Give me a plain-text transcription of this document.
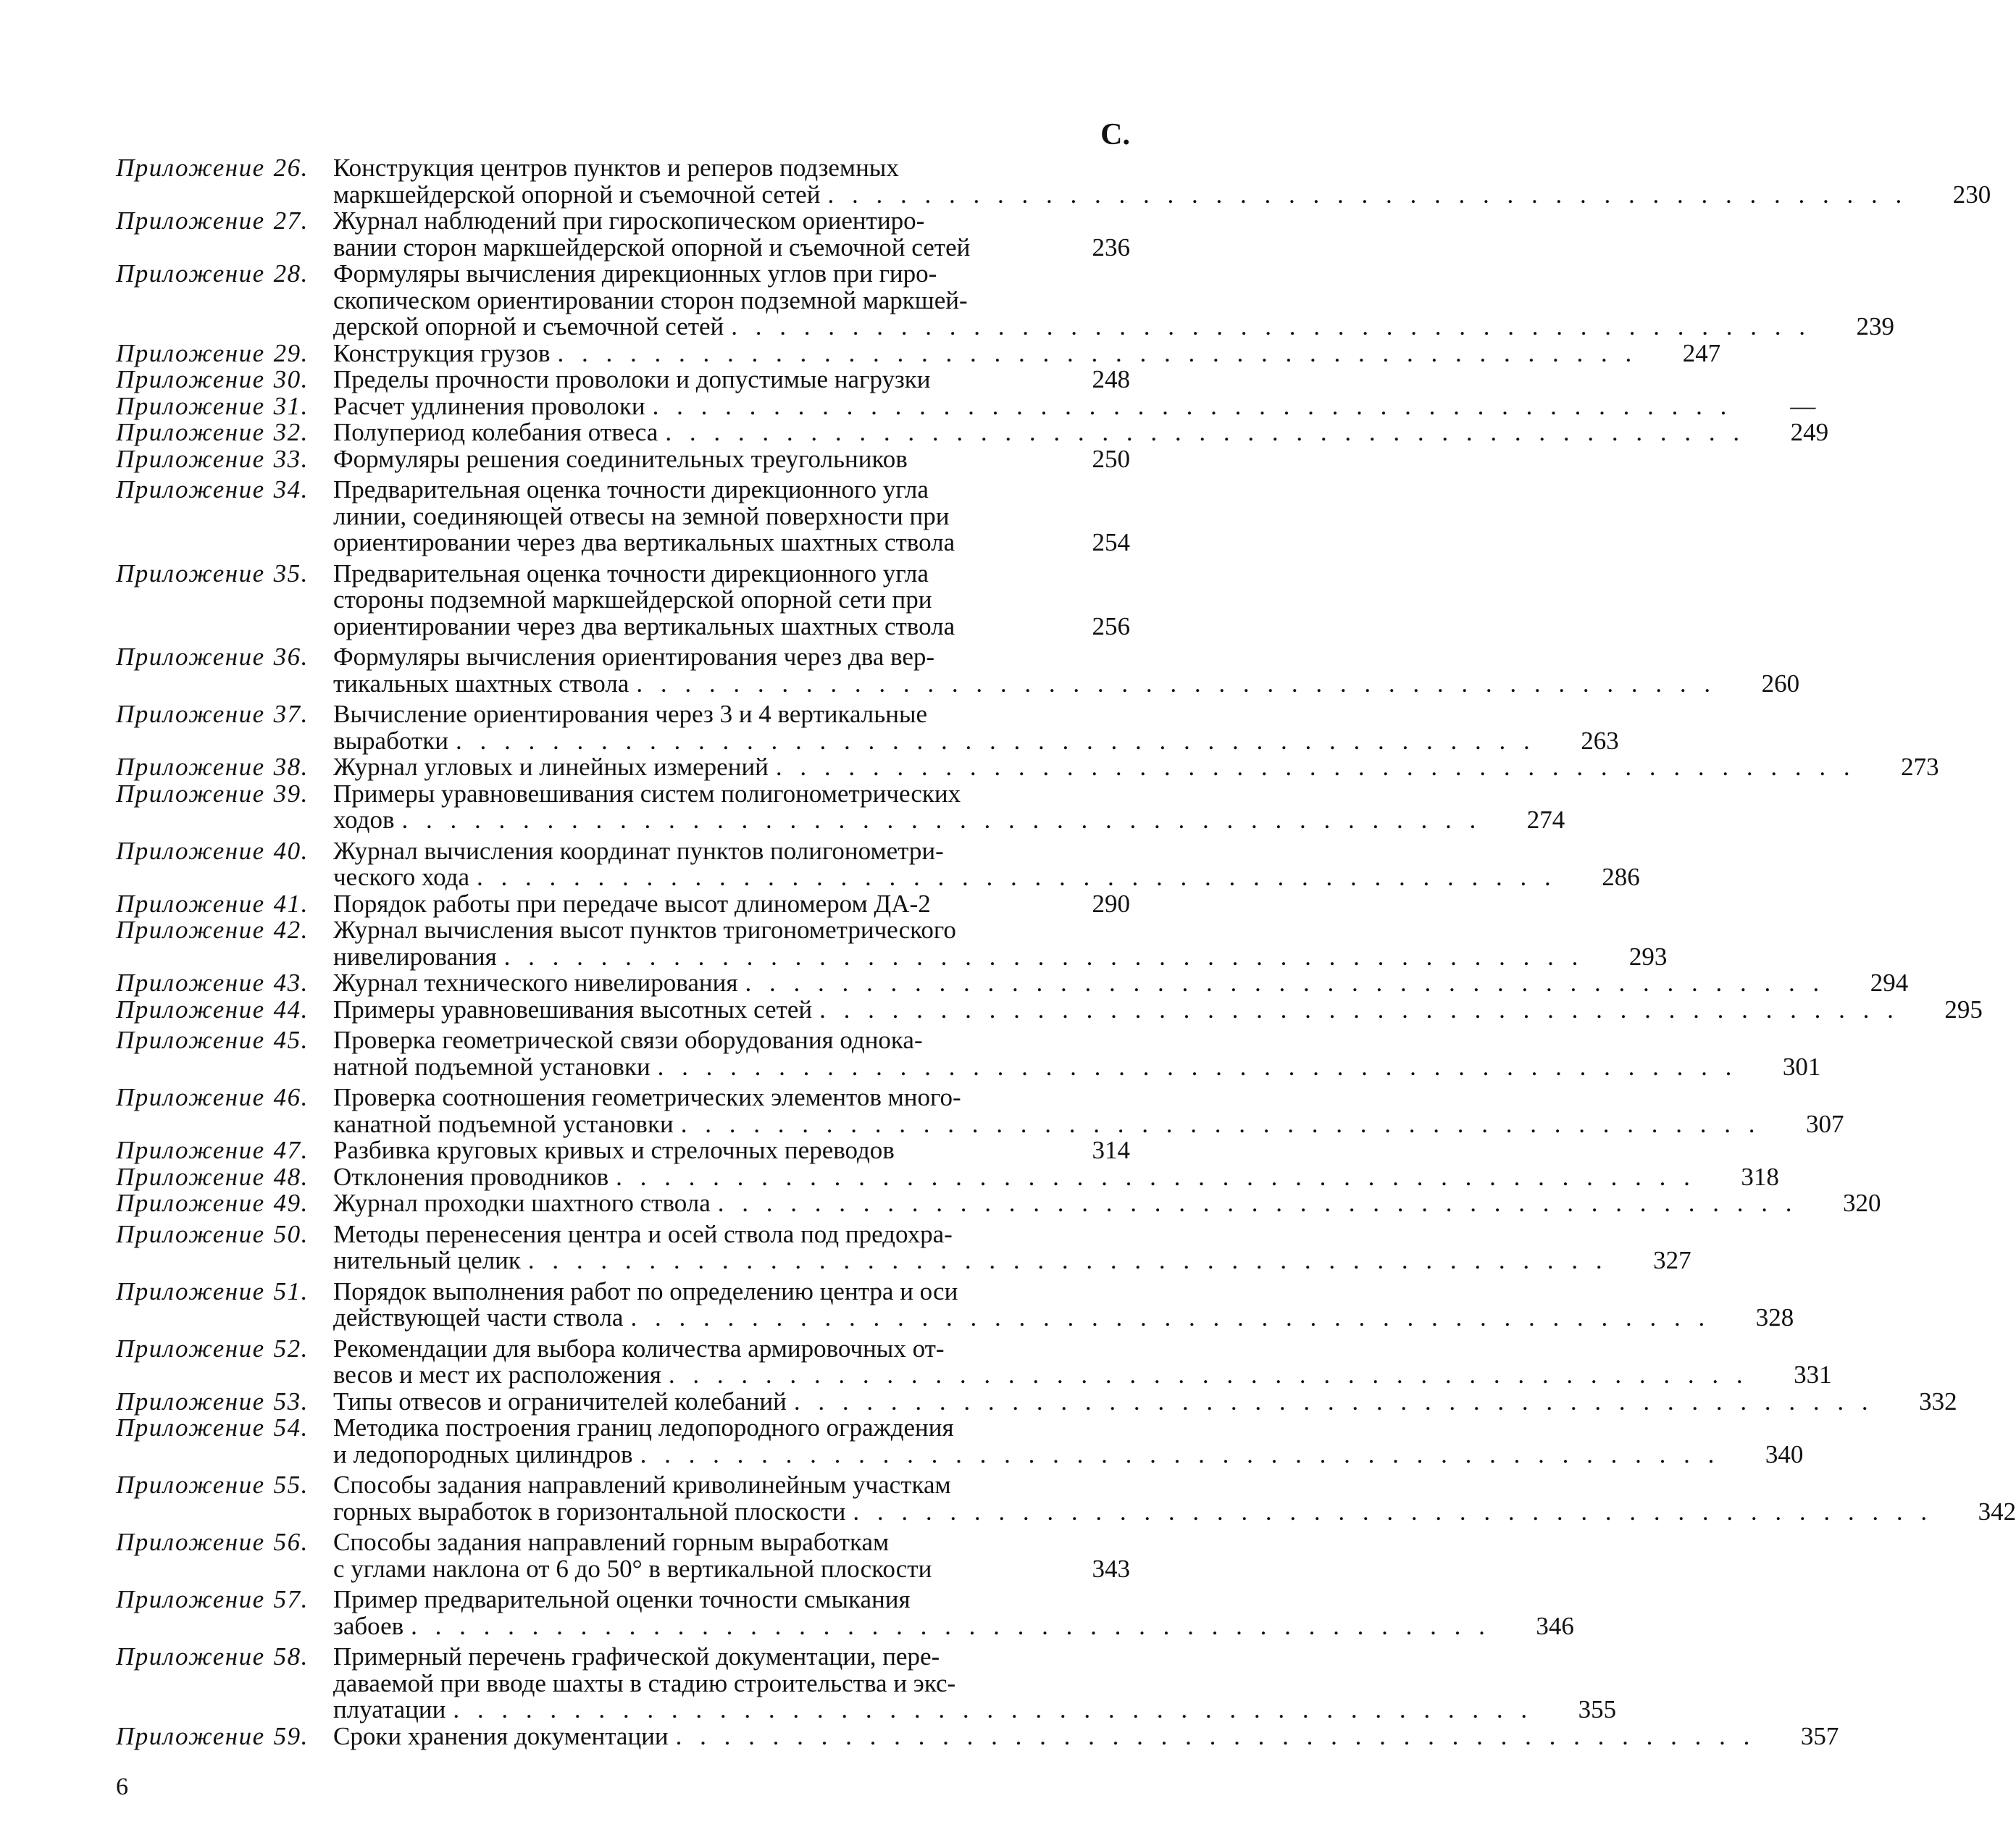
С.
Приложение 26. Конструкция центров пунктов и реперов подземных
маркшейдерской опорной и съемочной сетей . . . . . . . . . . . . . . . . . . . . . . . . . . . . . . . . . . . . . . . . . . . . .	230
Приложение 27. Журнал наблюдений при гироскопическом ориентиро-
вании сторон маркшейдерской опорной и съемочной сетей	236
Приложение 28. Формуляры вычисления дирекционных углов при гиро-
скопическом ориентировании сторон подземной маркшей-
дерской опорной и съемочной сетей . . . . . . . . . . . . . . . . . . . . . . . . . . . . . . . . . . . . . . . . . . . . .	239
Приложение 29. Конструкция грузов . . . . . . . . . . . . . . . . . . . . . . . . . . . . . . . . . . . . . . . . . . . . .	247
Приложение 30. Пределы прочности проволоки и допустимые нагрузки	248
Приложение 31. Расчет удлинения проволоки . . . . . . . . . . . . . . . . . . . . . . . . . . . . . . . . . . . . . . . . . . . . .	—
Приложение 32. Полупериод колебания отвеса . . . . . . . . . . . . . . . . . . . . . . . . . . . . . . . . . . . . . . . . . . . . .	249
Приложение 33. Формуляры решения соединительных треугольников	250
Приложение 34. Предварительная оценка точности дирекционного угла
линии, соединяющей отвесы на земной поверхности при
ориентировании через два вертикальных шахтных ствола	254
Приложение 35. Предварительная оценка точности дирекционного угла
стороны подземной маркшейдерской опорной сети при
ориентировании через два вертикальных шахтных ствола	256
Приложение 36. Формуляры вычисления ориентирования через два вер-
тикальных шахтных ствола . . . . . . . . . . . . . . . . . . . . . . . . . . . . . . . . . . . . . . . . . . . . .	260
Приложение 37. Вычисление ориентирования через 3 и 4 вертикальные
выработки . . . . . . . . . . . . . . . . . . . . . . . . . . . . . . . . . . . . . . . . . . . . .	263
Приложение 38. Журнал угловых и линейных измерений . . . . . . . . . . . . . . . . . . . . . . . . . . . . . . . . . . . . . . . . . . . . .	273
Приложение 39. Примеры уравновешивания систем полигонометрических
ходов . . . . . . . . . . . . . . . . . . . . . . . . . . . . . . . . . . . . . . . . . . . . .	274
Приложение 40. Журнал вычисления координат пунктов полигонометри-
ческого хода . . . . . . . . . . . . . . . . . . . . . . . . . . . . . . . . . . . . . . . . . . . . .	286
Приложение 41. Порядок работы при передаче высот длиномером ДА-2	290
Приложение 42. Журнал вычисления высот пунктов тригонометрического
нивелирования . . . . . . . . . . . . . . . . . . . . . . . . . . . . . . . . . . . . . . . . . . . . .	293
Приложение 43. Журнал технического нивелирования . . . . . . . . . . . . . . . . . . . . . . . . . . . . . . . . . . . . . . . . . . . . .	294
Приложение 44. Примеры уравновешивания высотных сетей . . . . . . . . . . . . . . . . . . . . . . . . . . . . . . . . . . . . . . . . . . . . .	295
Приложение 45. Проверка геометрической связи оборудования однока-
натной подъемной установки . . . . . . . . . . . . . . . . . . . . . . . . . . . . . . . . . . . . . . . . . . . . .	301
Приложение 46. Проверка соотношения геометрических элементов много-
канатной подъемной установки . . . . . . . . . . . . . . . . . . . . . . . . . . . . . . . . . . . . . . . . . . . . .	307
Приложение 47. Разбивка круговых кривых и стрелочных переводов	314
Приложение 48. Отклонения проводников . . . . . . . . . . . . . . . . . . . . . . . . . . . . . . . . . . . . . . . . . . . . .	318
Приложение 49. Журнал проходки шахтного ствола . . . . . . . . . . . . . . . . . . . . . . . . . . . . . . . . . . . . . . . . . . . . .	320
Приложение 50. Методы перенесения центра и осей ствола под предохра-
нительный целик . . . . . . . . . . . . . . . . . . . . . . . . . . . . . . . . . . . . . . . . . . . . .	327
Приложение 51. Порядок выполнения работ по определению центра и оси
действующей части ствола . . . . . . . . . . . . . . . . . . . . . . . . . . . . . . . . . . . . . . . . . . . . .	328
Приложение 52. Рекомендации для выбора количества армировочных от-
весов и мест их расположения . . . . . . . . . . . . . . . . . . . . . . . . . . . . . . . . . . . . . . . . . . . . .	331
Приложение 53. Типы отвесов и ограничителей колебаний . . . . . . . . . . . . . . . . . . . . . . . . . . . . . . . . . . . . . . . . . . . . .	332
Приложение 54. Методика построения границ ледопородного ограждения
и ледопородных цилиндров . . . . . . . . . . . . . . . . . . . . . . . . . . . . . . . . . . . . . . . . . . . . .	340
Приложение 55. Способы задания направлений криволинейным участкам
горных выработок в горизонтальной плоскости . . . . . . . . . . . . . . . . . . . . . . . . . . . . . . . . . . . . . . . . . . . . .	342
Приложение 56. Способы задания направлений горным выработкам
с углами наклона от 6 до 50° в вертикальной плоскости	343
Приложение 57. Пример предварительной оценки точности смыкания
забоев . . . . . . . . . . . . . . . . . . . . . . . . . . . . . . . . . . . . . . . . . . . . .	346
Приложение 58. Примерный перечень графической документации, пере-
даваемой при вводе шахты в стадию строительства и экс-
плуатации . . . . . . . . . . . . . . . . . . . . . . . . . . . . . . . . . . . . . . . . . . . . .	355
Приложение 59. Сроки хранения документации . . . . . . . . . . . . . . . . . . . . . . . . . . . . . . . . . . . . . . . . . . . . .	357
6
